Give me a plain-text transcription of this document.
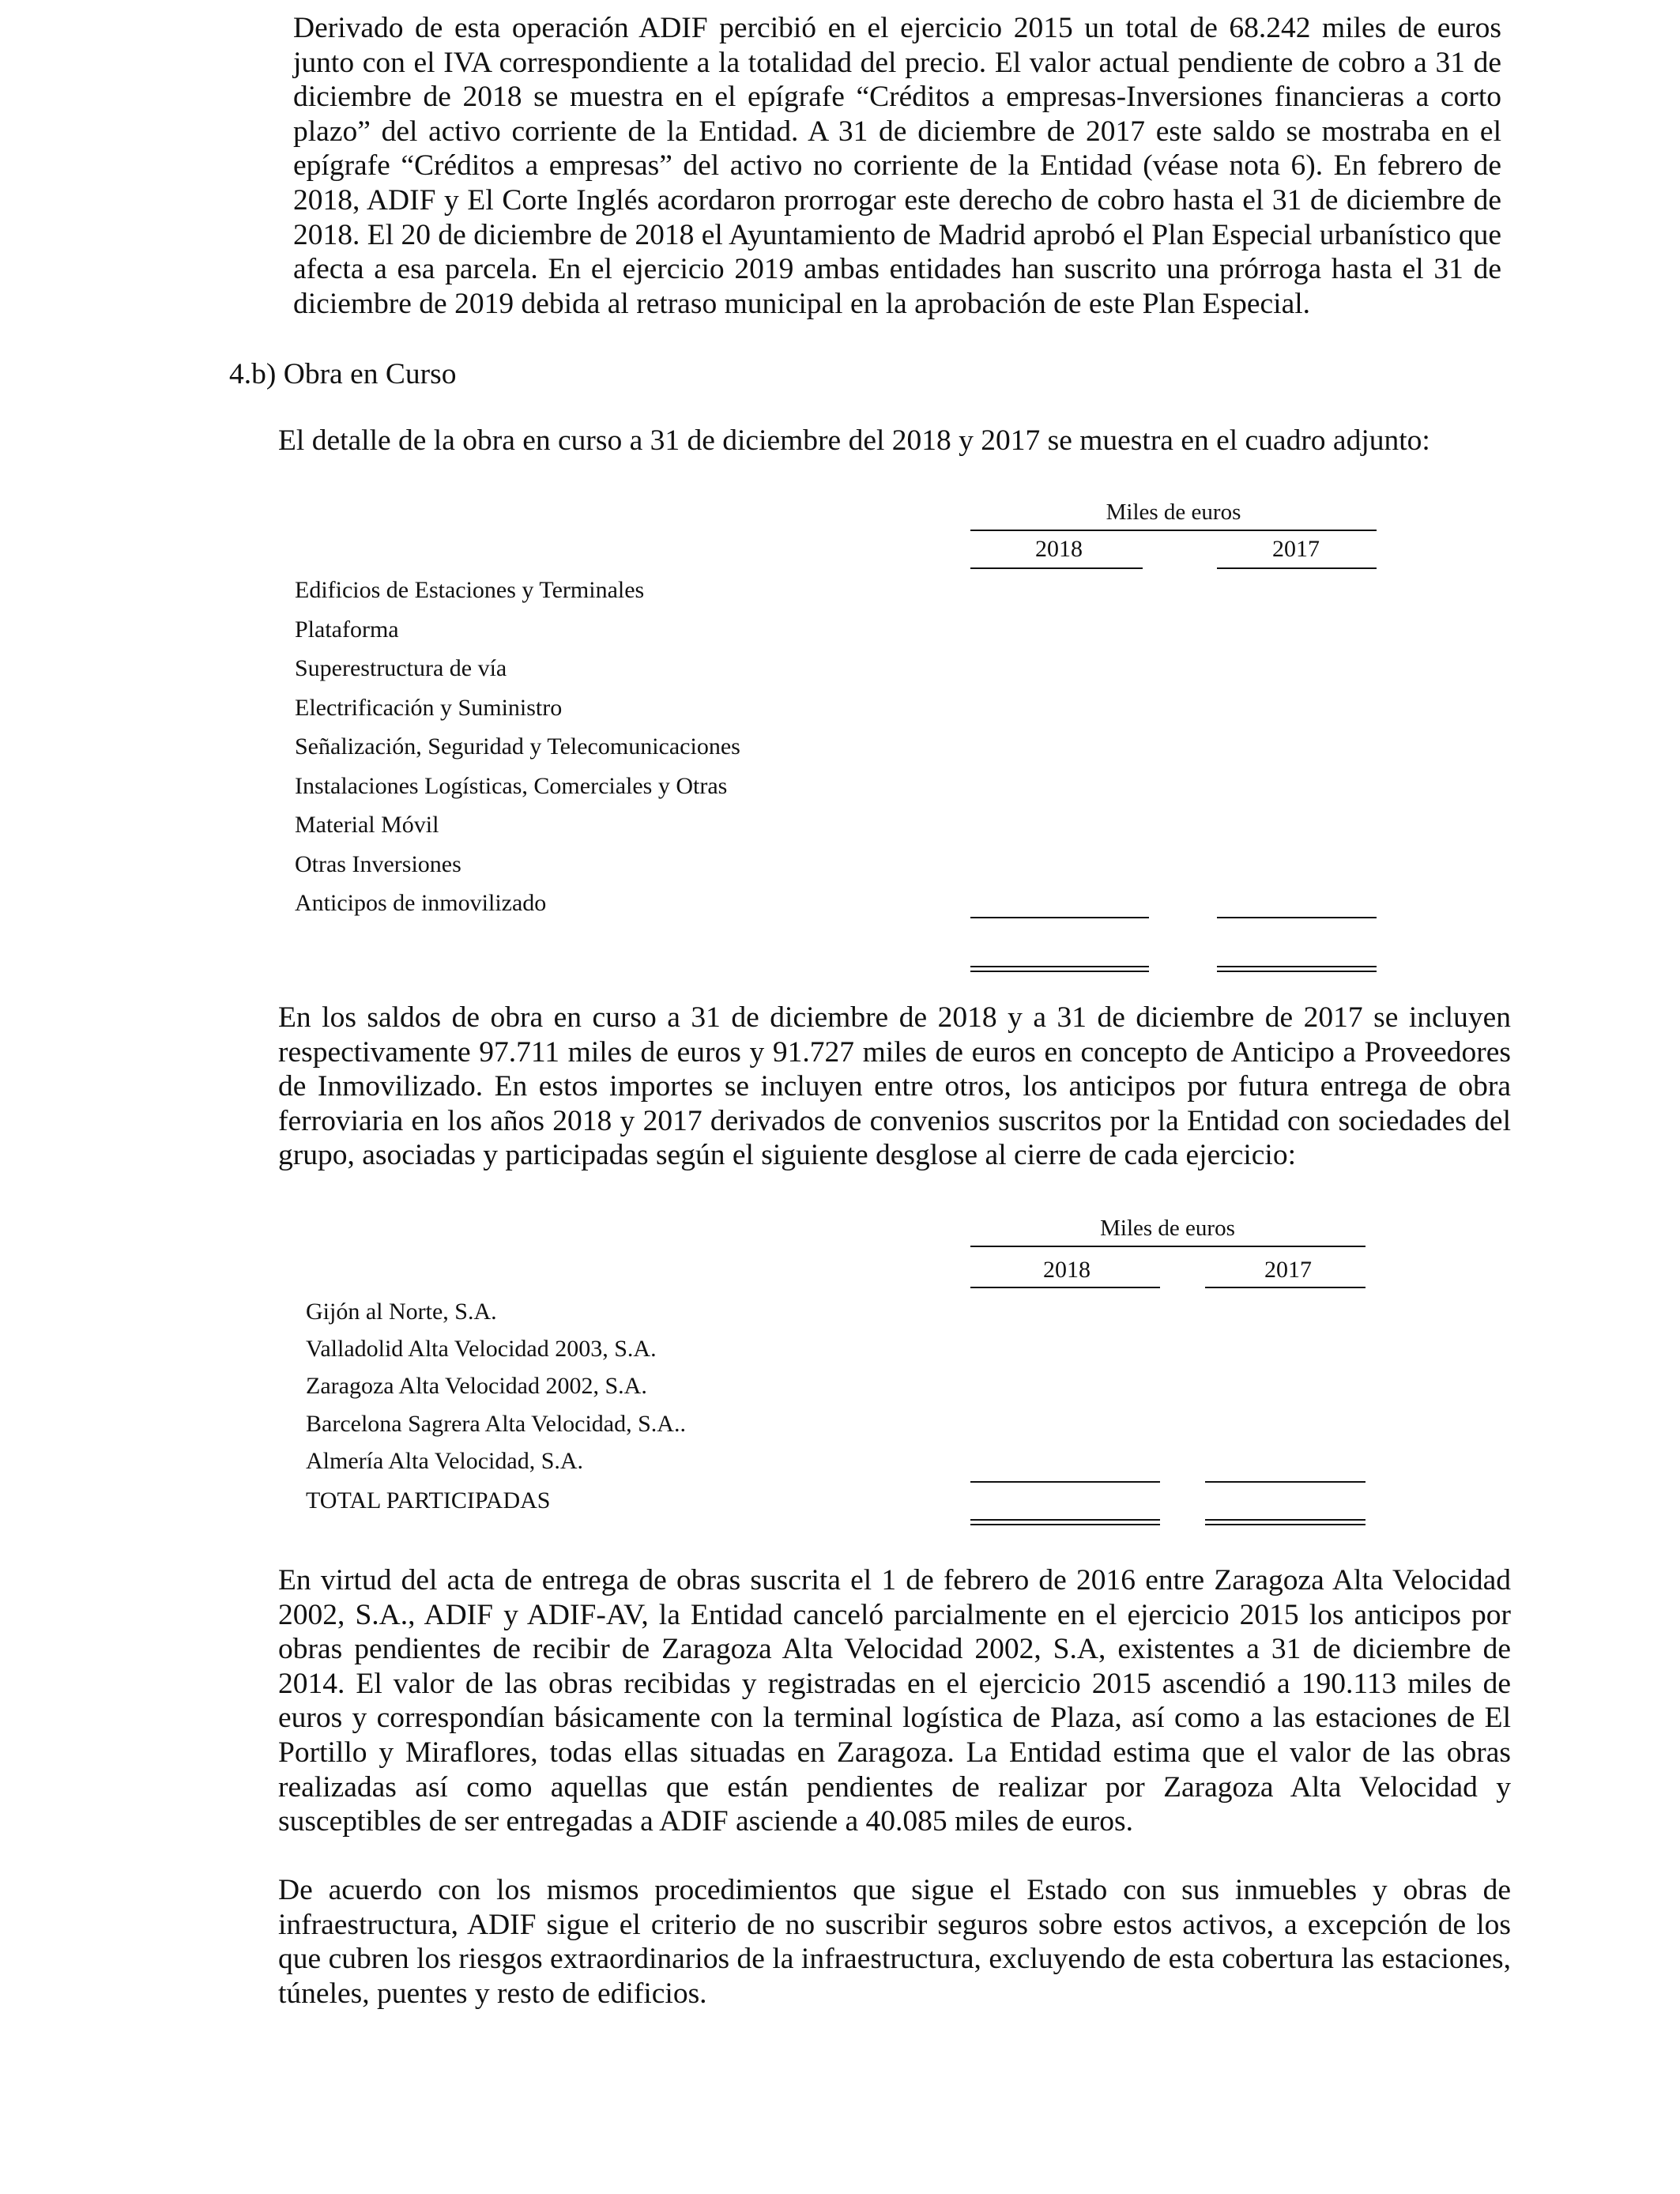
Derivado de esta operación ADIF percibió en el ejercicio 2015 un total de 68.242 miles de euros junto con el IVA correspondiente a la totalidad del precio. El valor actual pendiente de cobro a 31 de diciembre de 2018 se muestra en el epígrafe “Créditos a empresas-Inversiones financieras a corto plazo” del activo corriente de la Entidad. A 31 de diciembre de 2017 este saldo se mostraba en el epígrafe “Créditos a empresas” del activo no corriente de la Entidad (véase nota 6). En febrero de 2018, ADIF y El Corte Inglés acordaron prorrogar este derecho de cobro hasta el 31 de diciembre de 2018. El 20 de diciembre de 2018 el Ayuntamiento de Madrid aprobó el Plan Especial urbanístico que afecta a esa parcela. En el ejercicio 2019 ambas entidades han suscrito una prórroga hasta el 31 de diciembre de 2019 debida al retraso municipal en la aprobación de este Plan Especial.

4.b) Obra en Curso

El detalle de la obra en curso a 31 de diciembre del 2018 y 2017 se muestra en el cuadro adjunto:

Miles de euros
2018	2017
Edificios de Estaciones y Terminales
Plataforma
Superestructura de vía
Electrificación y Suministro
Señalización, Seguridad y Telecomunicaciones
Instalaciones Logísticas, Comerciales y Otras
Material Móvil
Otras Inversiones
Anticipos de inmovilizado

En los saldos de obra en curso a 31 de diciembre de 2018 y a 31 de diciembre de 2017 se incluyen respectivamente 97.711 miles de euros y 91.727 miles de euros en concepto de Anticipo a Proveedores de Inmovilizado. En estos importes se incluyen entre otros, los anticipos por futura entrega de obra ferroviaria en los años 2018 y 2017 derivados de convenios suscritos por la Entidad con sociedades del grupo, asociadas y participadas según el siguiente desglose al cierre de cada ejercicio:

Miles de euros
2018	2017
Gijón al Norte, S.A.
Valladolid Alta Velocidad 2003, S.A.
Zaragoza Alta Velocidad 2002, S.A.
Barcelona Sagrera Alta Velocidad, S.A..
Almería Alta Velocidad, S.A.
TOTAL PARTICIPADAS

En virtud del acta de entrega de obras suscrita el 1 de febrero de 2016 entre Zaragoza Alta Velocidad 2002, S.A., ADIF y ADIF-AV, la Entidad canceló parcialmente en el ejercicio 2015 los anticipos por obras pendientes de recibir de Zaragoza Alta Velocidad 2002, S.A, existentes a 31 de diciembre de 2014. El valor de las obras recibidas y registradas en el ejercicio 2015 ascendió a 190.113 miles de euros y correspondían básicamente con la terminal logística de Plaza, así como a las estaciones de El Portillo y Miraflores, todas ellas situadas en Zaragoza. La Entidad estima que el valor de las obras realizadas así como aquellas que están pendientes de realizar por Zaragoza Alta Velocidad y susceptibles de ser entregadas a ADIF asciende a 40.085 miles de euros.

De acuerdo con los mismos procedimientos que sigue el Estado con sus inmuebles y obras de infraestructura, ADIF sigue el criterio de no suscribir seguros sobre estos activos, a excepción de los que cubren los riesgos extraordinarios de la infraestructura, excluyendo de esta cobertura las estaciones, túneles, puentes y resto de edificios.
